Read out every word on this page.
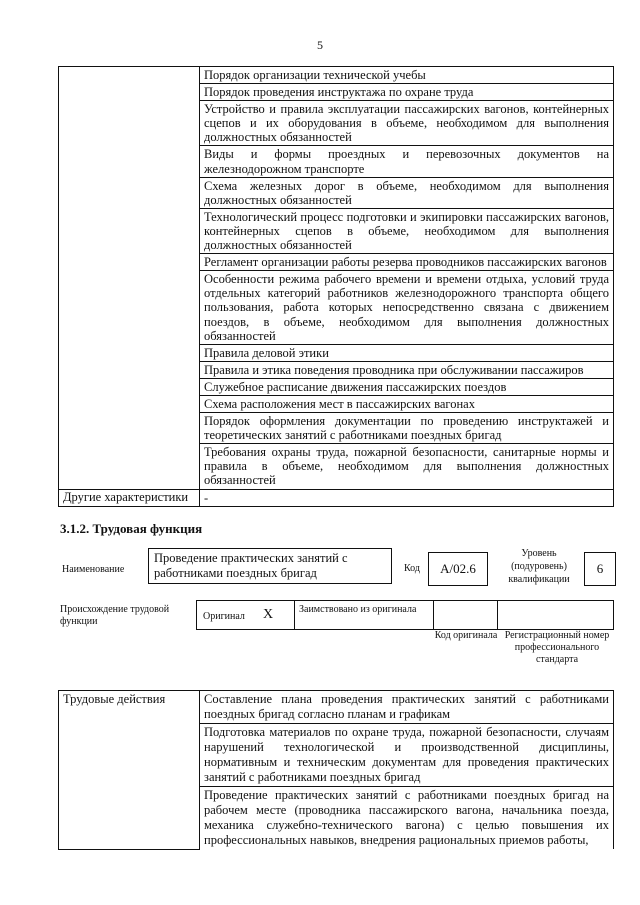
5
	Порядок организации технической учебы
	Порядок проведения инструктажа по охране труда
	Устройство и правила эксплуатации пассажирских вагонов, контейнерных сцепов и их оборудования в объеме, необходимом для выполнения должностных обязанностей
	Виды и формы проездных и перевозочных документов на железнодорожном транспорте
	Схема железных дорог в объеме, необходимом для выполнения должностных обязанностей
	Технологический процесс подготовки и экипировки пассажирских вагонов, контейнерных сцепов в объеме, необходимом для выполнения должностных обязанностей
	Регламент организации работы резерва проводников пассажирских вагонов
	Особенности режима рабочего времени и времени отдыха, условий труда отдельных категорий работников железнодорожного транспорта общего пользования, работа которых непосредственно связана с движением поездов, в объеме, необходимом для выполнения должностных обязанностей
	Правила деловой этики
	Правила и этика поведения проводника при обслуживании пассажиров
	Служебное расписание движения пассажирских поездов
	Схема расположения мест в пассажирских вагонах
	Порядок оформления документации по проведению инструктажей и теоретических занятий с работниками поездных бригад
	Требования охраны труда, пожарной безопасности, санитарные нормы и правила в объеме, необходимом для выполнения должностных обязанностей
Другие характеристики	-
3.1.2. Трудовая функция
Наименование
Проведение практических занятий с работниками поездных бригад	Код	А/02.6
Уровень (подуровень) квалификации
6
Происхождение трудовой функции	Оригинал X	Заимствовано из оригинала
Код оригинала Регистрационный номер профессионального стандарта
Трудовые действия	Составление плана проведения практических занятий с работниками поездных бригад согласно планам и графикам
Подготовка материалов по охране труда, пожарной безопасности, случаям нарушений технологической и производственной дисциплины, нормативным и техническим документам для проведения практических занятий с работниками поездных бригад
Проведение практических занятий с работниками поездных бригад на рабочем месте (проводника пассажирского вагона, начальника поезда, механика служебно-технического вагона) с целью повышения их профессиональных навыков, внедрения рациональных приемов работы,
